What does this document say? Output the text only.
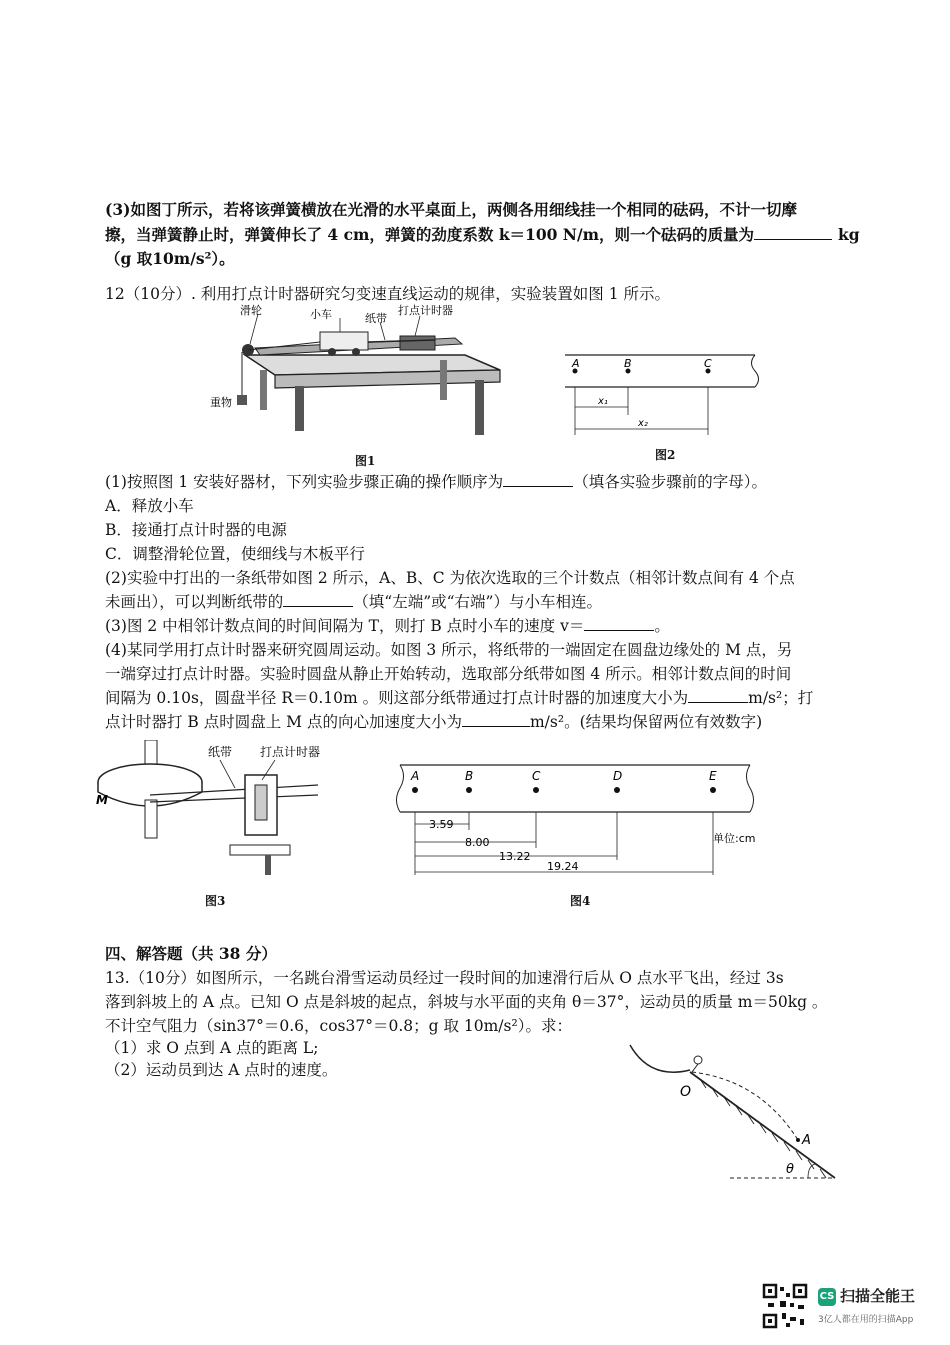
(3)如图丁所示，若将该弹簧横放在光滑的水平桌面上，两侧各用细线挂一个相同的砝码，不计一切摩
擦，当弹簧静止时，弹簧伸长了 4 cm，弹簧的劲度系数 k＝100 N/m，则一个砝码的质量为	kg
（g 取10m/s²）。
12（10分）. 利用打点计时器研究匀变速直线运动的规律，实验装置如图 1 所示。
滑轮	小车	纸带
打点计时器
重物
图1
A	B	C
x₁
x₂
图2
(1)按照图 1 安装好器材，下列实验步骤正确的操作顺序为	（填各实验步骤前的字母）。
A．释放小车
B．接通打点计时器的电源
C．调整滑轮位置，使细线与木板平行
(2)实验中打出的一条纸带如图 2 所示，A、B、C 为依次选取的三个计数点（相邻计数点间有 4 个点
未画出），可以判断纸带的	（填“左端”或“右端”）与小车相连。
(3)图 2 中相邻计数点间的时间间隔为 T，则打 B 点时小车的速度 v＝	。
(4)某同学用打点计时器来研究圆周运动。如图 3 所示，将纸带的一端固定在圆盘边缘处的 M 点，另
一端穿过打点计时器。实验时圆盘从静止开始转动，选取部分纸带如图 4 所示。相邻计数点间的时间
间隔为 0.10s，圆盘半径 R＝0.10m 。则这部分纸带通过打点计时器的加速度大小为	m/s²；打
点计时器打 B 点时圆盘上 M 点的向心加速度大小为	m/s²。(结果均保留两位有效数字)
纸带 打点计时器
M
图3
A	B	C	D	E
3.59
8.00
13.22
19.24
单位:cm
图4
四、解答题（共 38 分）
13.（10分）如图所示，一名跳台滑雪运动员经过一段时间的加速滑行后从 O 点水平飞出，经过 3s
落到斜坡上的 A 点。已知 O 点是斜坡的起点，斜坡与水平面的夹角 θ＝37°，运动员的质量 m＝50kg 。
不计空气阻力（sin37°＝0.6，cos37°＝0.8；g 取 10m/s²）。求：
（1）求 O 点到 A 点的距离 L;
（2）运动员到达 A 点时的速度。
O
A
θ
CS 扫描全能王
3亿人都在用的扫描App
